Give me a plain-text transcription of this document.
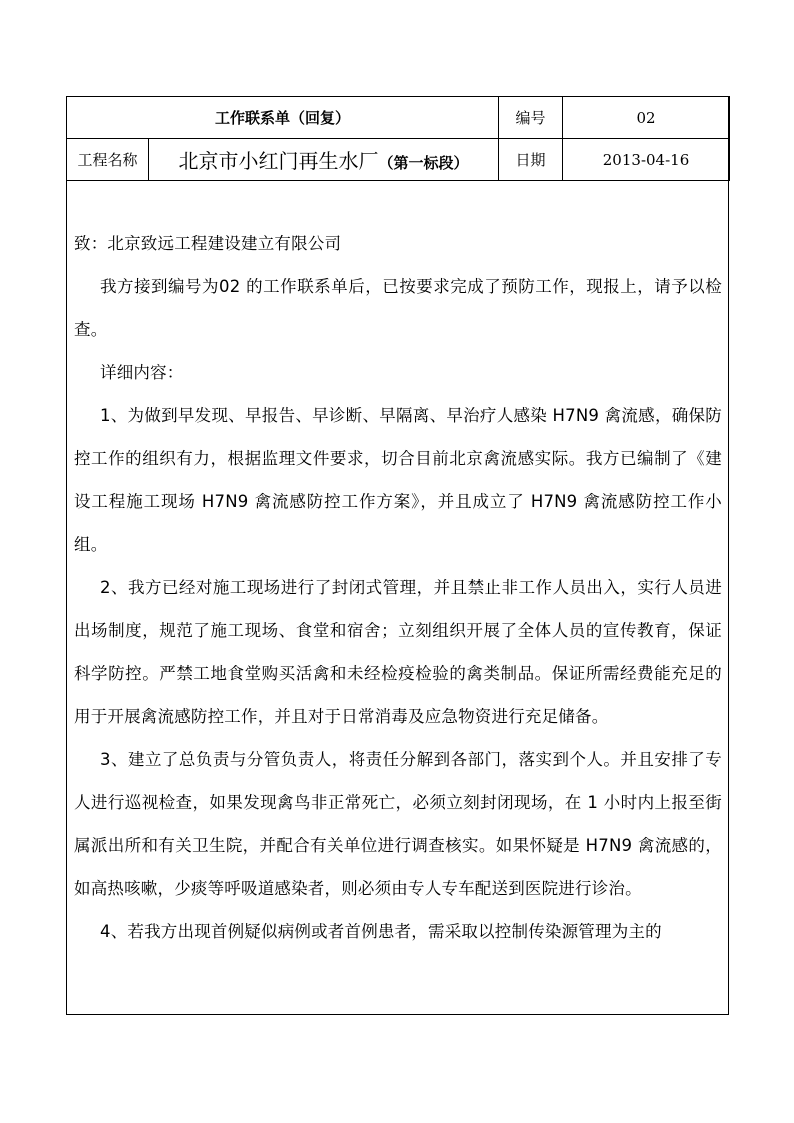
工作联系单（回复）		编号	02
工程名称	北京市小红门再生水厂（第一标段）	日期	2013-04-16

致：北京致远工程建设建立有限公司

我方接到编号为02 的工作联系单后，已按要求完成了预防工作，现报上，请予以检查。

详细内容：

1、为做到早发现、早报告、早诊断、早隔离、早治疗人感染 H7N9 禽流感，确保防控工作的组织有力，根据监理文件要求，切合目前北京禽流感实际。我方已编制了《建设工程施工现场 H7N9 禽流感防控工作方案》，并且成立了 H7N9 禽流感防控工作小组。

2、我方已经对施工现场进行了封闭式管理，并且禁止非工作人员出入，实行人员进出场制度，规范了施工现场、食堂和宿舍；立刻组织开展了全体人员的宣传教育，保证科学防控。严禁工地食堂购买活禽和未经检疫检验的禽类制品。保证所需经费能充足的用于开展禽流感防控工作，并且对于日常消毒及应急物资进行充足储备。

3、建立了总负责与分管负责人，将责任分解到各部门，落实到个人。并且安排了专人进行巡视检查，如果发现禽鸟非正常死亡，必须立刻封闭现场，在 1 小时内上报至街属派出所和有关卫生院，并配合有关单位进行调查核实。如果怀疑是 H7N9 禽流感的，如高热咳嗽，少痰等呼吸道感染者，则必须由专人专车配送到医院进行诊治。

4、若我方出现首例疑似病例或者首例患者，需采取以控制传染源管理为主的
